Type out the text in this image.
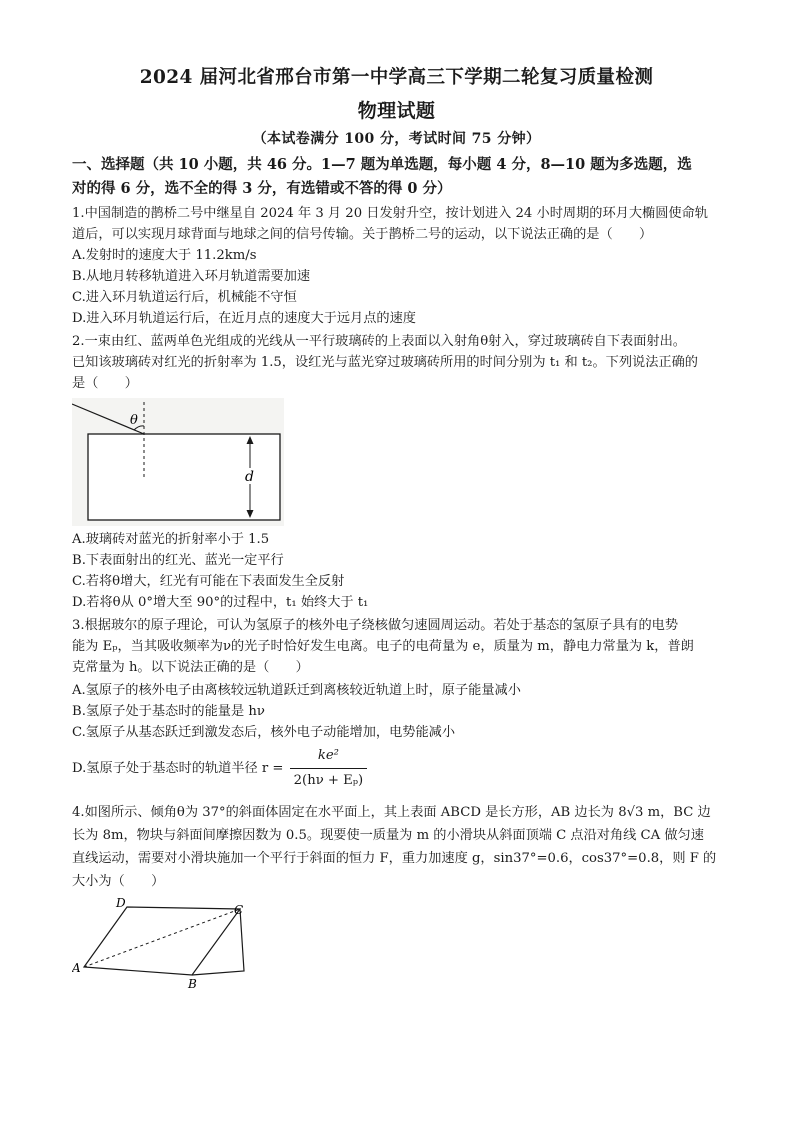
2024 届河北省邢台市第一中学高三下学期二轮复习质量检测
物理试题
（本试卷满分 100 分，考试时间 75 分钟）
一、选择题（共 10 小题，共 46 分。1—7 题为单选题，每小题 4 分，8—10 题为多选题，选
对的得 6 分，选不全的得 3 分，有选错或不答的得 0 分）
1.中国制造的鹊桥二号中继星自 2024 年 3 月 20 日发射升空，按计划进入 24 小时周期的环月大椭圆使命轨
道后，可以实现月球背面与地球之间的信号传输。关于鹊桥二号的运动，以下说法正确的是（　　）
A.发射时的速度大于 11.2km/s
B.从地月转移轨道进入环月轨道需要加速
C.进入环月轨道运行后，机械能不守恒
D.进入环月轨道运行后，在近月点的速度大于远月点的速度
2.一束由红、蓝两单色光组成的光线从一平行玻璃砖的上表面以入射角θ射入，穿过玻璃砖自下表面射出。
已知该玻璃砖对红光的折射率为 1.5，设红光与蓝光穿过玻璃砖所用的时间分别为 t₁ 和 t₂。下列说法正确的
是（　　）
θ
d
A.玻璃砖对蓝光的折射率小于 1.5
B.下表面射出的红光、蓝光一定平行
C.若将θ增大，红光有可能在下表面发生全反射
D.若将θ从 0°增大至 90°的过程中，t₁ 始终大于 t₁
3.根据玻尔的原子理论，可认为氢原子的核外电子绕核做匀速圆周运动。若处于基态的氢原子具有的电势
能为 Eₚ，当其吸收频率为ν的光子时恰好发生电离。电子的电荷量为 e，质量为 m，静电力常量为 k，普朗
克常量为 h。以下说法正确的是（　　）
A.氢原子的核外电子由离核较远轨道跃迁到离核较近轨道上时，原子能量减小
B.氢原子处于基态时的能量是 hν
C.氢原子从基态跃迁到激发态后，核外电子动能增加，电势能减小
D.氢原子处于基态时的轨道半径 $r = \frac{\text{ke²}}{\text{2(hν + Eₚ)}}$
4.如图所示、倾角θ为 37°的斜面体固定在水平面上，其上表面 ABCD 是长方形，AB 边长为 8√3 m，BC 边
长为 8m，物块与斜面间摩擦因数为 0.5。现要使一质量为 m 的小滑块从斜面顶端 C 点沿对角线 CA 做匀速
直线运动，需要对小滑块施加一个平行于斜面的恒力 F，重力加速度 g，sin37°=0.6，cos37°=0.8，则 F 的
大小为（　　）
D	C
A
B
